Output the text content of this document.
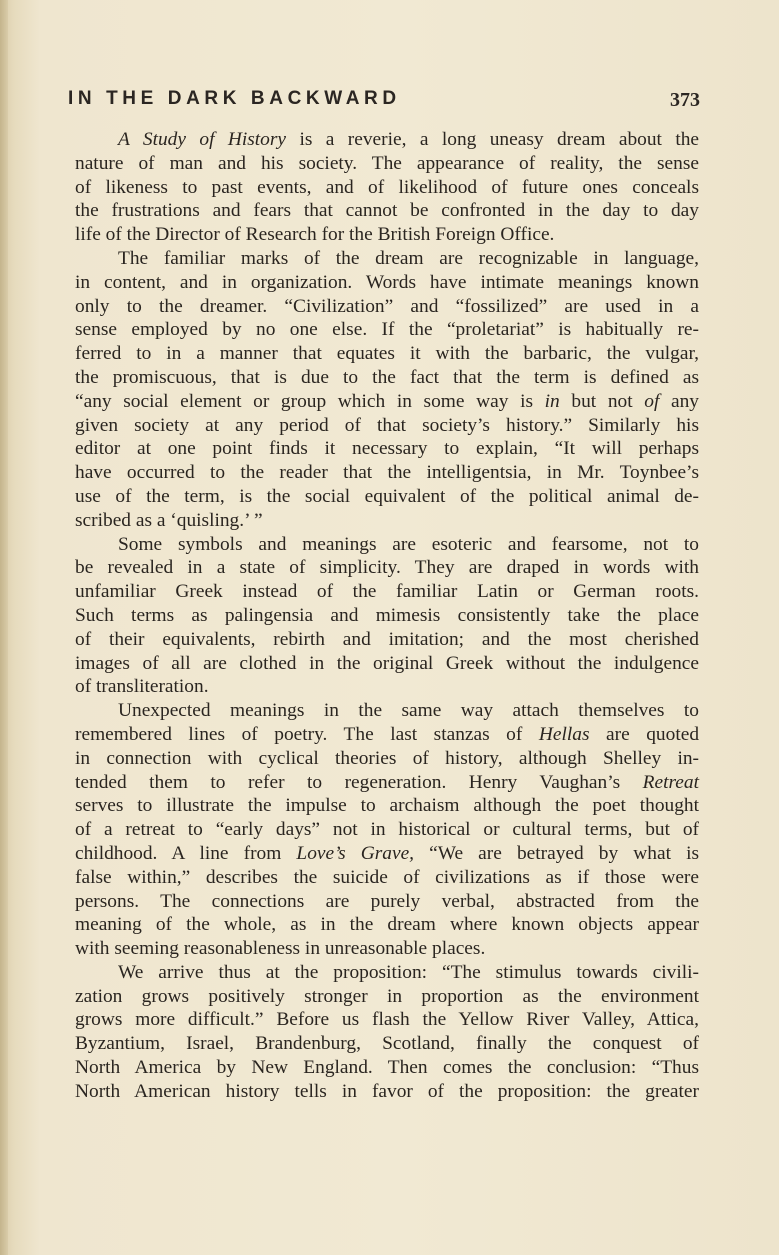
IN THE DARK BACKWARD	373

A Study of History is a reverie, a long uneasy dream about the
nature of man and his society. The appearance of reality, the sense
of likeness to past events, and of likelihood of future ones conceals
the frustrations and fears that cannot be confronted in the day to day
life of the Director of Research for the British Foreign Office.

The familiar marks of the dream are recognizable in language,
in content, and in organization. Words have intimate meanings known
only to the dreamer. “Civilization” and “fossilized” are used in a
sense employed by no one else. If the “proletariat” is habitually re-
ferred to in a manner that equates it with the barbaric, the vulgar,
the promiscuous, that is due to the fact that the term is defined as
“any social element or group which in some way is in but not of any
given society at any period of that society’s history.” Similarly his
editor at one point finds it necessary to explain, “It will perhaps
have occurred to the reader that the intelligentsia, in Mr. Toynbee’s
use of the term, is the social equivalent of the political animal de-
scribed as a ‘quisling.’ ”

Some symbols and meanings are esoteric and fearsome, not to
be revealed in a state of simplicity. They are draped in words with
unfamiliar Greek instead of the familiar Latin or German roots.
Such terms as palingensia and mimesis consistently take the place
of their equivalents, rebirth and imitation; and the most cherished
images of all are clothed in the original Greek without the indulgence
of transliteration.

Unexpected meanings in the same way attach themselves to
remembered lines of poetry. The last stanzas of Hellas are quoted
in connection with cyclical theories of history, although Shelley in-
tended them to refer to regeneration. Henry Vaughan’s Retreat
serves to illustrate the impulse to archaism although the poet thought
of a retreat to “early days” not in historical or cultural terms, but of
childhood. A line from Love’s Grave, “We are betrayed by what is
false within,” describes the suicide of civilizations as if those were
persons. The connections are purely verbal, abstracted from the
meaning of the whole, as in the dream where known objects appear
with seeming reasonableness in unreasonable places.

We arrive thus at the proposition: “The stimulus towards civili-
zation grows positively stronger in proportion as the environment
grows more difficult.” Before us flash the Yellow River Valley, Attica,
Byzantium, Israel, Brandenburg, Scotland, finally the conquest of
North America by New England. Then comes the conclusion: “Thus
North American history tells in favor of the proposition: the greater
